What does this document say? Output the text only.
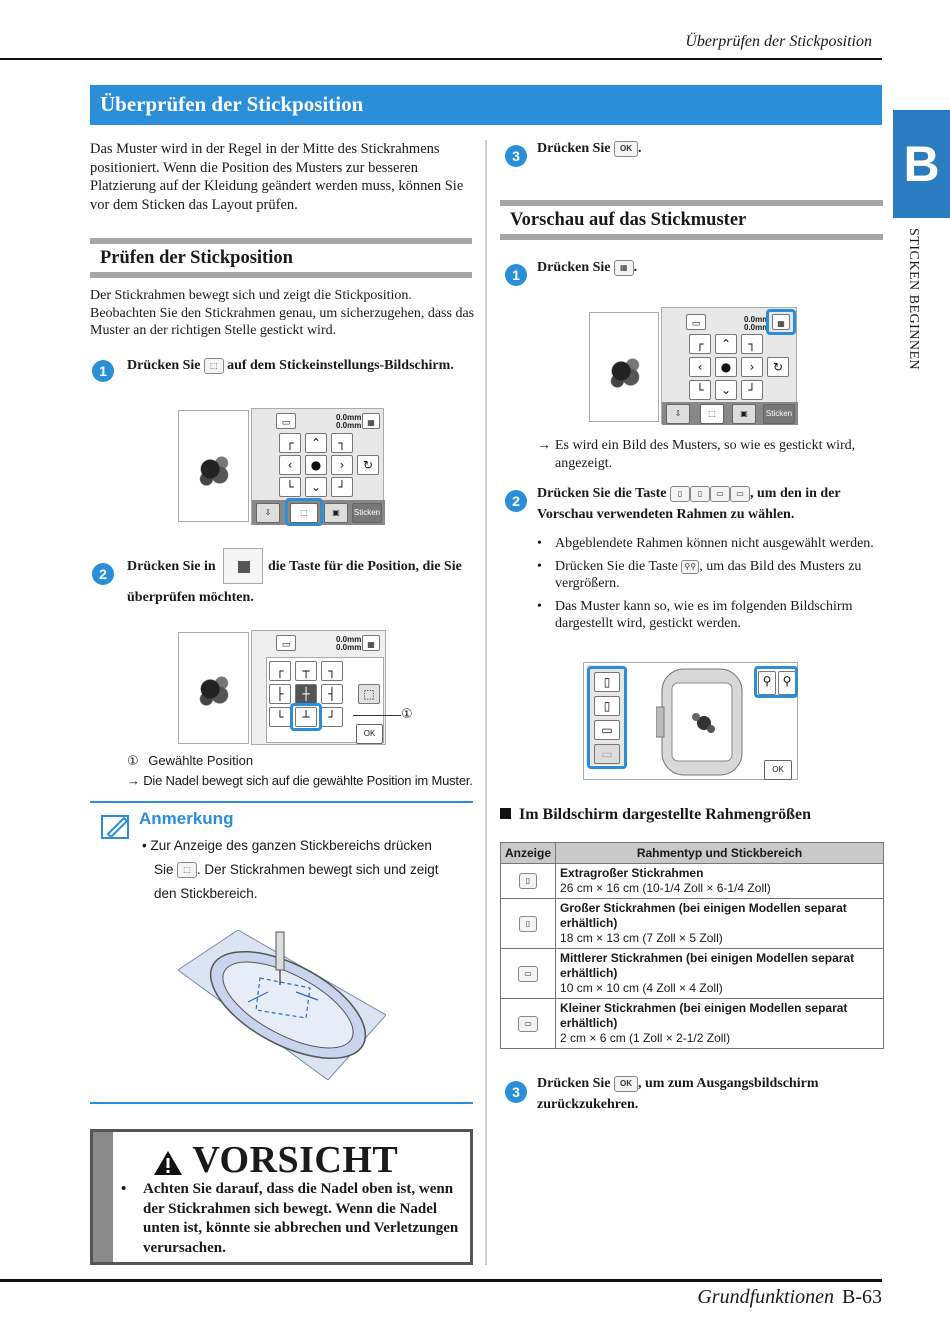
Überprüfen der Stickposition
B
STICKEN BEGINNEN
Grundfunktionen B-63
Überprüfen der Stickposition
Das Muster wird in der Regel in der Mitte des Stickrahmens positioniert. Wenn die Position des Musters zur besseren Platzierung auf der Kleidung geändert werden muss, können Sie vor dem Sticken das Layout prüfen.
Prüfen der Stickposition
Der Stickrahmen bewegt sich und zeigt die Stickposition. Beobachten Sie den Stickrahmen genau, um sicherzugehen, dass das Muster an der richtigen Stelle gestickt wird.
1	Drücken Sie ⬚ auf dem Stickeinstellungs-Bildschirm.
▭
0.0mm
0.0mm ▦
┌	⌃	┐
‹	●	›	↻
└	⌄	┘
⇩	⬚	▣	Sticken
2	Drücken Sie in	die Taste für die Position, die Sie
überprüfen möchten.
▭
0.0mm
0.0mm ▦
┌	┬	┐
├	┼	┤
└	┴	┘
⬚
OK
①
① Gewählte Position
→ Die Nadel bewegt sich auf die gewählte Position im Muster.
Anmerkung
• Zur Anzeige des ganzen Stickbereichs drücken
Sie ⬚ . Der Stickrahmen bewegt sich und zeigt
den Stickbereich.
VORSICHT
•	Achten Sie darauf, dass die Nadel oben ist, wenn der Stickrahmen sich bewegt. Wenn die Nadel unten ist, könnte sie abbrechen und Verletzungen verursachen.
3	Drücken Sie OK .
Vorschau auf das Stickmuster
1	Drücken Sie ▦ .
▭	0.0mm
0.0mm ▦
┌	⌃	┐
‹	●	›	↻
└	⌄	┘
⇩	⬚	▣	Sticken
→ Es wird ein Bild des Musters, so wie es gestickt wird, angezeigt.
2	Drücken Sie die Taste ▯ ▯ ▭ ▭ , um den in der
Vorschau verwendeten Rahmen zu wählen.
• Abgeblendete Rahmen können nicht ausgewählt werden.
• Drücken Sie die Taste ⚲⚲ , um das Bild des Musters zu vergrößern.
• Das Muster kann so, wie es im folgenden Bildschirm dargestellt wird, gestickt werden.
▯
▯
▭
▭
⚲ ⚲
OK
Im Bildschirm dargestellte Rahmengrößen
Anzeige	Rahmentyp und Stickbereich
▯	Extragroßer Stickrahmen
26 cm × 16 cm (10-1/4 Zoll × 6-1/4 Zoll)
▯	Großer Stickrahmen (bei einigen Modellen separat erhältlich)
18 cm × 13 cm (7 Zoll × 5 Zoll)
▭	Mittlerer Stickrahmen (bei einigen Modellen separat erhältlich)
10 cm × 10 cm (4 Zoll × 4 Zoll)
▭	Kleiner Stickrahmen (bei einigen Modellen separat erhältlich)
2 cm × 6 cm (1 Zoll × 2-1/2 Zoll)
3
Drücken Sie OK , um zum Ausgangsbildschirm
zurückzukehren.
